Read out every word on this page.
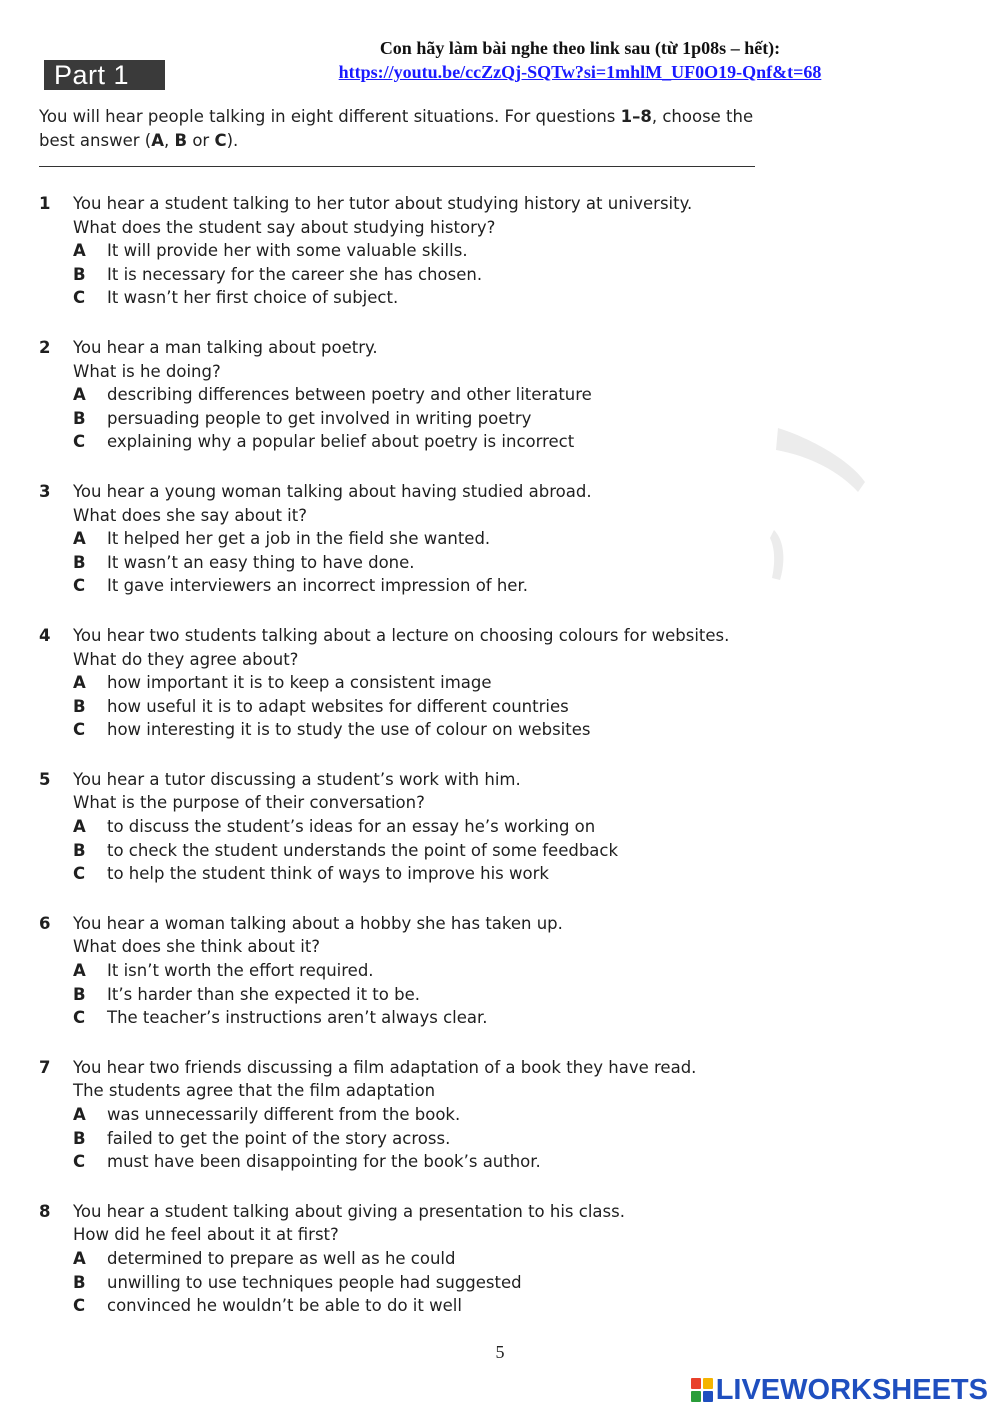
Con hãy làm bài nghe theo link sau (từ 1p08s – hết):
https://youtu.be/ccZzQj-SQTw?si=1mhlM_UF0O19-Qnf&t=68
Part 1
You will hear people talking in eight different situations. For questions 1–8, choose the best answer (A, B or C).
1	You hear a student talking to her tutor about studying history at university.
What does the student say about studying history?
A	It will provide her with some valuable skills.
B	It is necessary for the career she has chosen.
C	It wasn’t her first choice of subject.
2	You hear a man talking about poetry.
What is he doing?
A	describing differences between poetry and other literature
B	persuading people to get involved in writing poetry
C	explaining why a popular belief about poetry is incorrect
3	You hear a young woman talking about having studied abroad.
What does she say about it?
A	It helped her get a job in the field she wanted.
B	It wasn’t an easy thing to have done.
C	It gave interviewers an incorrect impression of her.
4	You hear two students talking about a lecture on choosing colours for websites.
What do they agree about?
A	how important it is to keep a consistent image
B	how useful it is to adapt websites for different countries
C	how interesting it is to study the use of colour on websites
5	You hear a tutor discussing a student’s work with him.
What is the purpose of their conversation?
A	to discuss the student’s ideas for an essay he’s working on
B	to check the student understands the point of some feedback
C	to help the student think of ways to improve his work
6	You hear a woman talking about a hobby she has taken up.
What does she think about it?
A	It isn’t worth the effort required.
B	It’s harder than she expected it to be.
C	The teacher’s instructions aren’t always clear.
7	You hear two friends discussing a film adaptation of a book they have read.
The students agree that the film adaptation
A	was unnecessarily different from the book.
B	failed to get the point of the story across.
C	must have been disappointing for the book’s author.
8	You hear a student talking about giving a presentation to his class.
How did he feel about it at first?
A	determined to prepare as well as he could
B	unwilling to use techniques people had suggested
C	convinced he wouldn’t be able to do it well
5
LIVEWORKSHEETS
